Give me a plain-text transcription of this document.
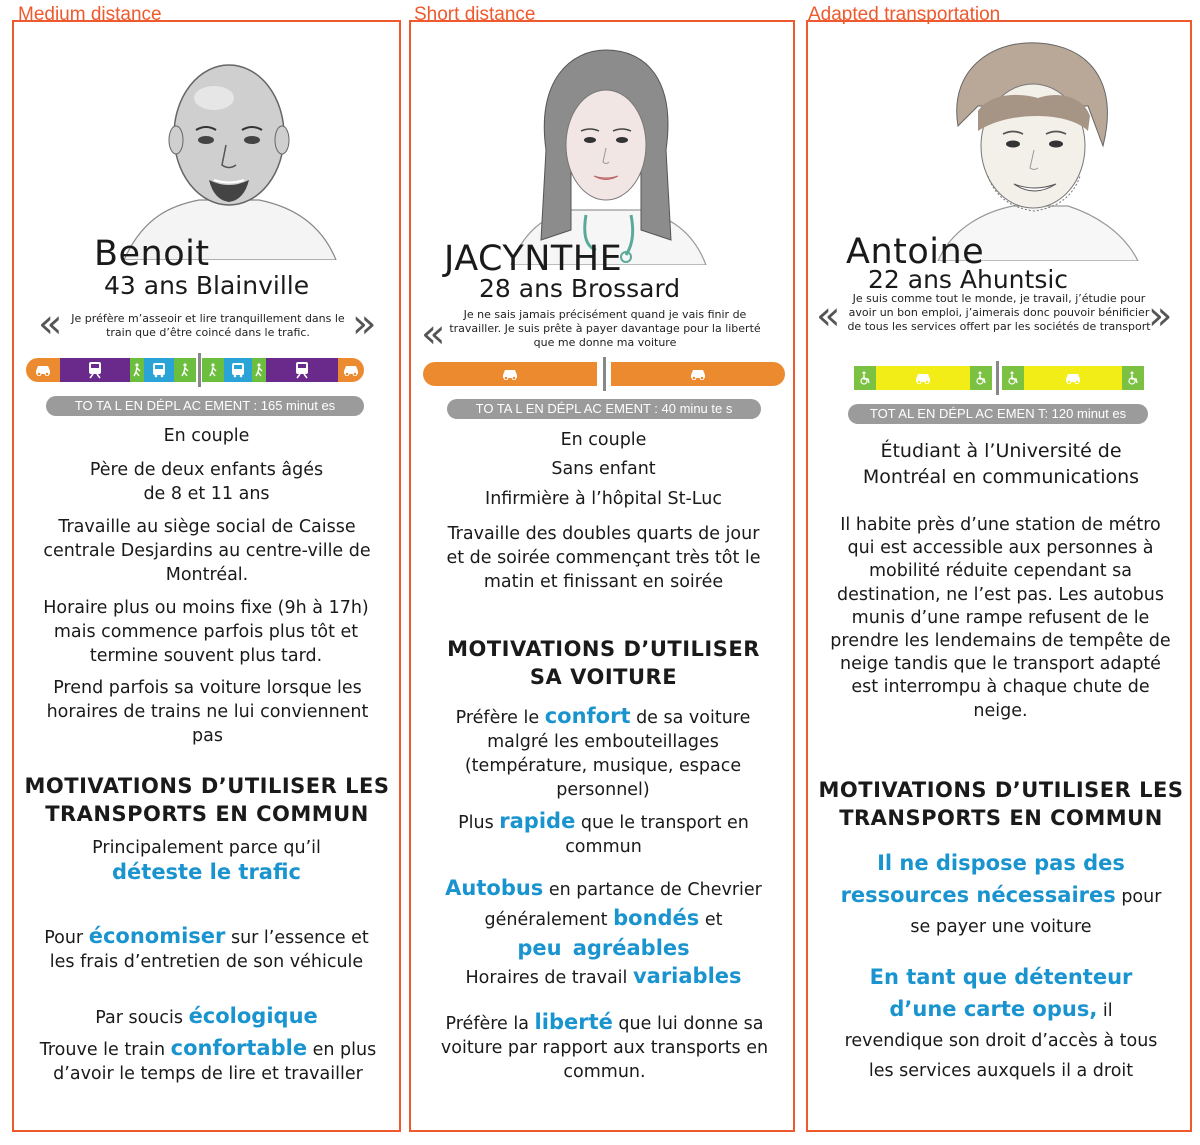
Medium distance
Benoit
43 ans Blainville
« Je préfère m’asseoir et lire tranquillement dans le train que d’être coincé dans le trafic.	»
TO TA L EN DÉPL AC EMENT : 165 minut es
En couple
Père de deux enfants âgés de 8 et 11 ans
Travaille au siège social de Caisse centrale Desjardins au centre-ville de Montréal.
Horaire plus ou moins fixe (9h à 17h) mais commence parfois plus tôt et termine souvent plus tard.
Prend parfois sa voiture lorsque les horaires de trains ne lui conviennent pas
MOTIVATIONS D’UTILISER LES TRANSPORTS EN COMMUN
Principalement parce qu’il
déteste le trafic
Pour économiser sur l’essence et les frais d’entretien de son véhicule
Par soucis écologique
Trouve le train confortable en plus d’avoir le temps de lire et travailler
Short distance
JACYNTHE
28 ans Brossard
«	Je ne sais jamais précisément quand je vais finir de travailler. Je suis prête à payer davantage pour la liberté que me donne ma voiture
TO TA L EN DÉPL AC EMENT : 40 minu te s
En couple
Sans enfant
Infirmière à l’hôpital St-Luc
Travaille des doubles quarts de jour et de soirée commençant très tôt le matin et finissant en soirée
MOTIVATIONS D’UTILISER SA VOITURE
Préfère le confort de sa voiture malgré les embouteillages (température, musique, espace personnel)
Plus rapide que le transport en commun
Autobus en partance de Chevrier généralement bondés et peu agréables
Horaires de travail variables
Préfère la liberté que lui donne sa voiture par rapport aux transports en commun.
Adapted transportation
Antoine
22 ans Ahuntsic
«	Je suis comme tout le monde, je travail, j’étudie pour avoir un bon emploi, j’aimerais donc pouvoir bénificier de tous les services offert par les sociétés de transport
»
TOT AL EN DÉPL AC EMEN T: 120 minut es
Étudiant à l’Université de Montréal en communications
Il habite près d’une station de métro qui est accessible aux personnes à mobilité réduite cependant sa destination, ne l’est pas. Les autobus munis d’une rampe refusent de le prendre les lendemains de tempête de neige tandis que le transport adapté est interrompu à chaque chute de neige.
MOTIVATIONS D’UTILISER LES TRANSPORTS EN COMMUN
Il ne dispose pas des ressources nécessaires pour se payer une voiture
En tant que détenteur d’une carte opus, il revendique son droit d’accès à tous les services auxquels il a droit
